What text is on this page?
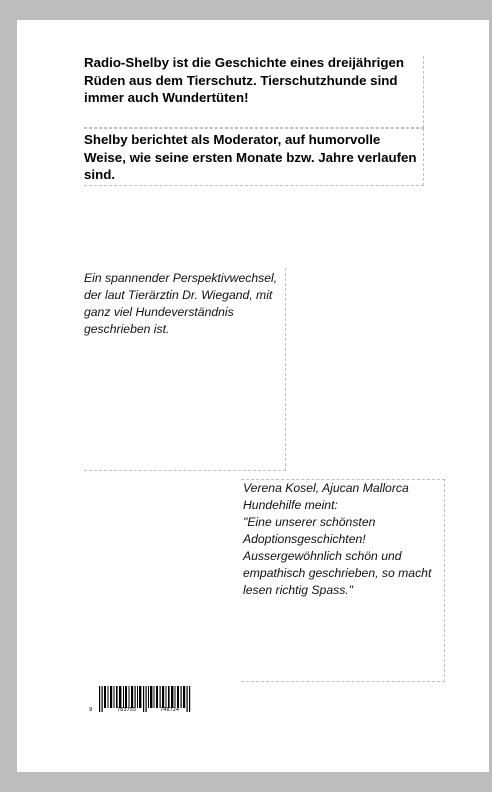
Radio-Shelby ist die Geschichte eines dreijährigen Rüden aus dem Tierschutz. Tierschutzhunde sind immer auch Wundertüten!
Shelby berichtet als Moderator, auf humorvolle Weise, wie seine ersten Monate bzw. Jahre verlaufen sind.
Ein spannender Perspektivwechsel, der laut Tierärztin Dr. Wiegand, mit ganz viel Hundeverständnis geschrieben ist.
Verena Kosel, Ajucan Mallorca Hundehilfe meint:
"Eine unserer schönsten Adoptionsgeschichten! Aussergewöhnlich schön und empathisch geschrieben, so macht lesen richtig Spass."
9	783755	748724
